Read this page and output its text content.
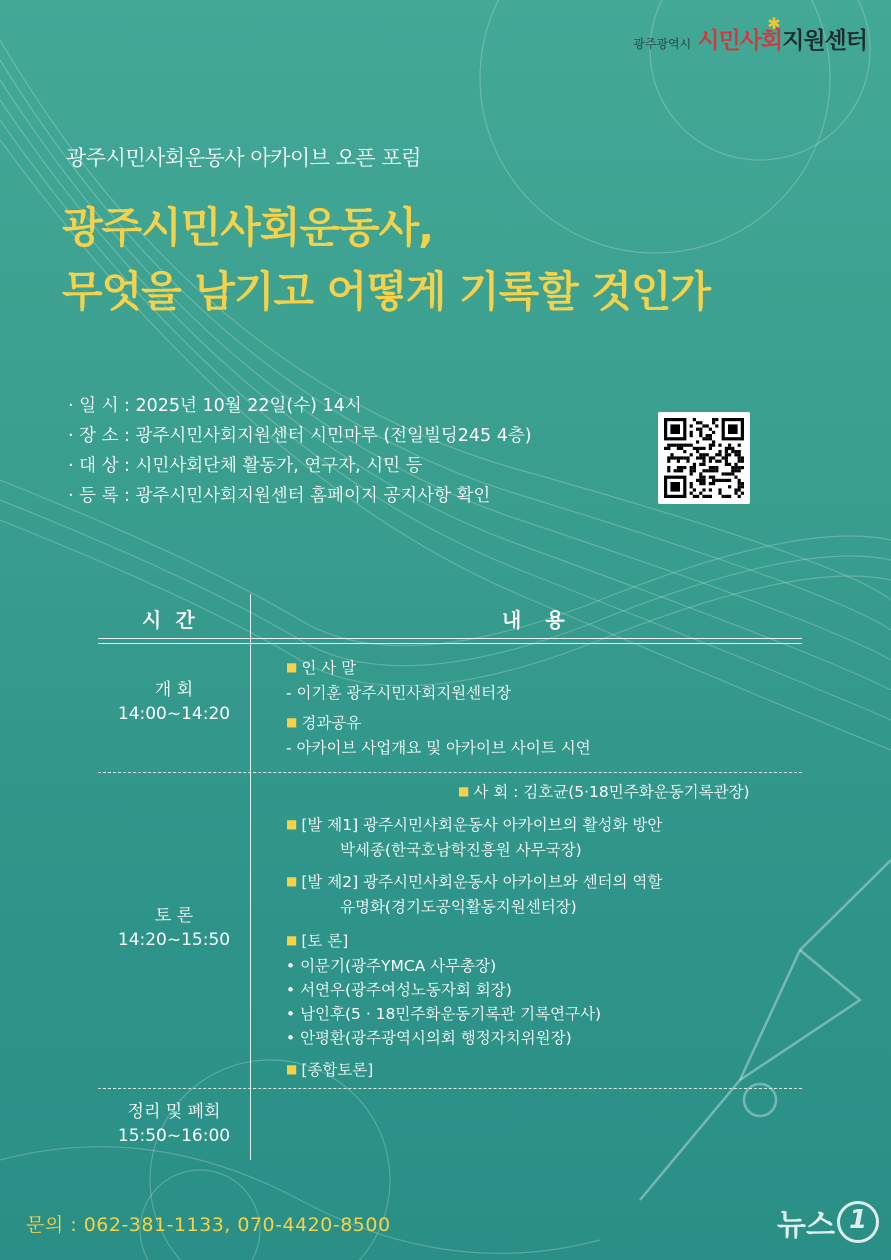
광주광역시 시민사회지원센터
✱
광주시민사회운동사 아카이브 오픈 포럼
광주시민사회운동사,
무엇을 남기고 어떻게 기록할 것인가
· 일 시 : 2025년 10월 22일(수) 14시
· 장 소 : 광주시민사회지원센터 시민마루 (전일빌딩245 4층)
· 대 상 : 시민사회단체 활동가, 연구자, 시민 등
· 등 록 : 광주시민사회지원센터 홈페이지 공지사항 확인
시간	내용
개 회
14:00~14:20
■ 인 사 말
- 이기훈 광주시민사회지원센터장
■ 경과공유
- 아카이브 사업개요 및 아카이브 사이트 시연
토 론
14:20~15:50
■ 사 회 : 김호균(5·18민주화운동기록관장)
■ [발 제1] 광주시민사회운동사 아카이브의 활성화 방안
박세종(한국호남학진흥원 사무국장)
■ [발 제2] 광주시민사회운동사 아카이브와 센터의 역할
유명화(경기도공익활동지원센터장)
■ [토 론]
• 이문기(광주YMCA 사무총장)
• 서연우(광주여성노동자회 회장)
• 남인후(5 · 18민주화운동기록관 기록연구사)
• 안평환(광주광역시의회 행정자치위원장)
■ [종합토론]
정리 및 폐회
15:50~16:00
문의 : 062-381-1133, 070-4420-8500	뉴스 1
